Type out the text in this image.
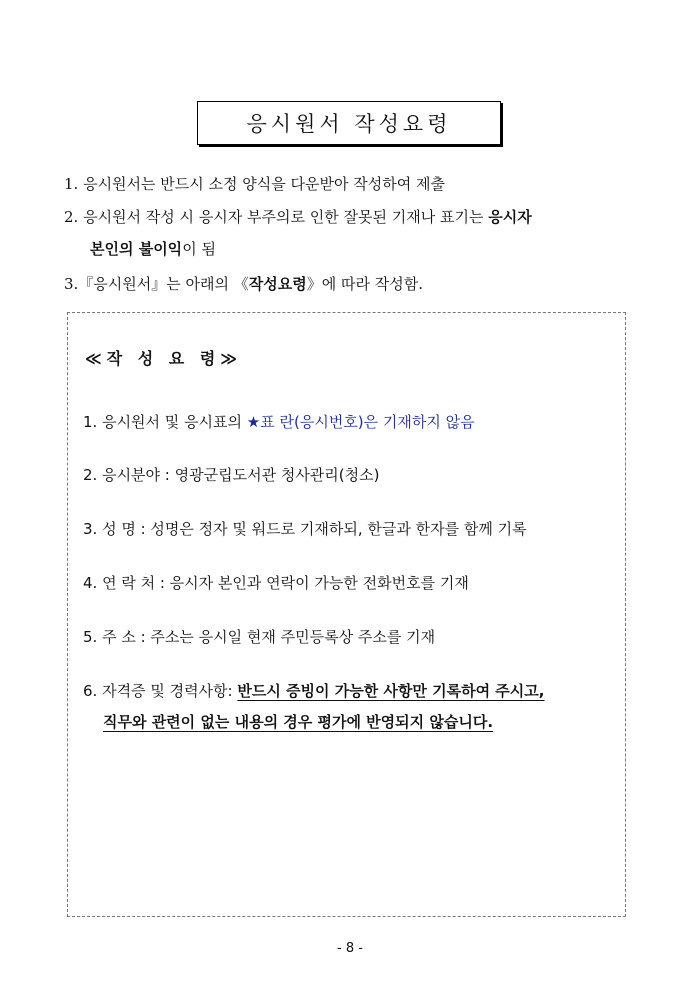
응시원서 작성요령
1. 응시원서는 반드시 소정 양식을 다운받아 작성하여 제출
2. 응시원서 작성 시 응시자 부주의로 인한 잘못된 기재나 표기는 응시자
본인의 불이익이 됨
3.『응시원서』는 아래의 《작성요령》에 따라 작성함.
≪작 성 요 령≫
1. 응시원서 및 응시표의 ★표 란(응시번호)은 기재하지 않음
2. 응시분야 : 영광군립도서관 청사관리(청소)
3. 성 명 : 성명은 정자 및 워드로 기재하되, 한글과 한자를 함께 기록
4. 연 락 처 : 응시자 본인과 연락이 가능한 전화번호를 기재
5. 주 소 : 주소는 응시일 현재 주민등록상 주소를 기재
6. 자격증 및 경력사항: 반드시 증빙이 가능한 사항만 기록하여 주시고,
직무와 관련이 없는 내용의 경우 평가에 반영되지 않습니다.
- 8 -
